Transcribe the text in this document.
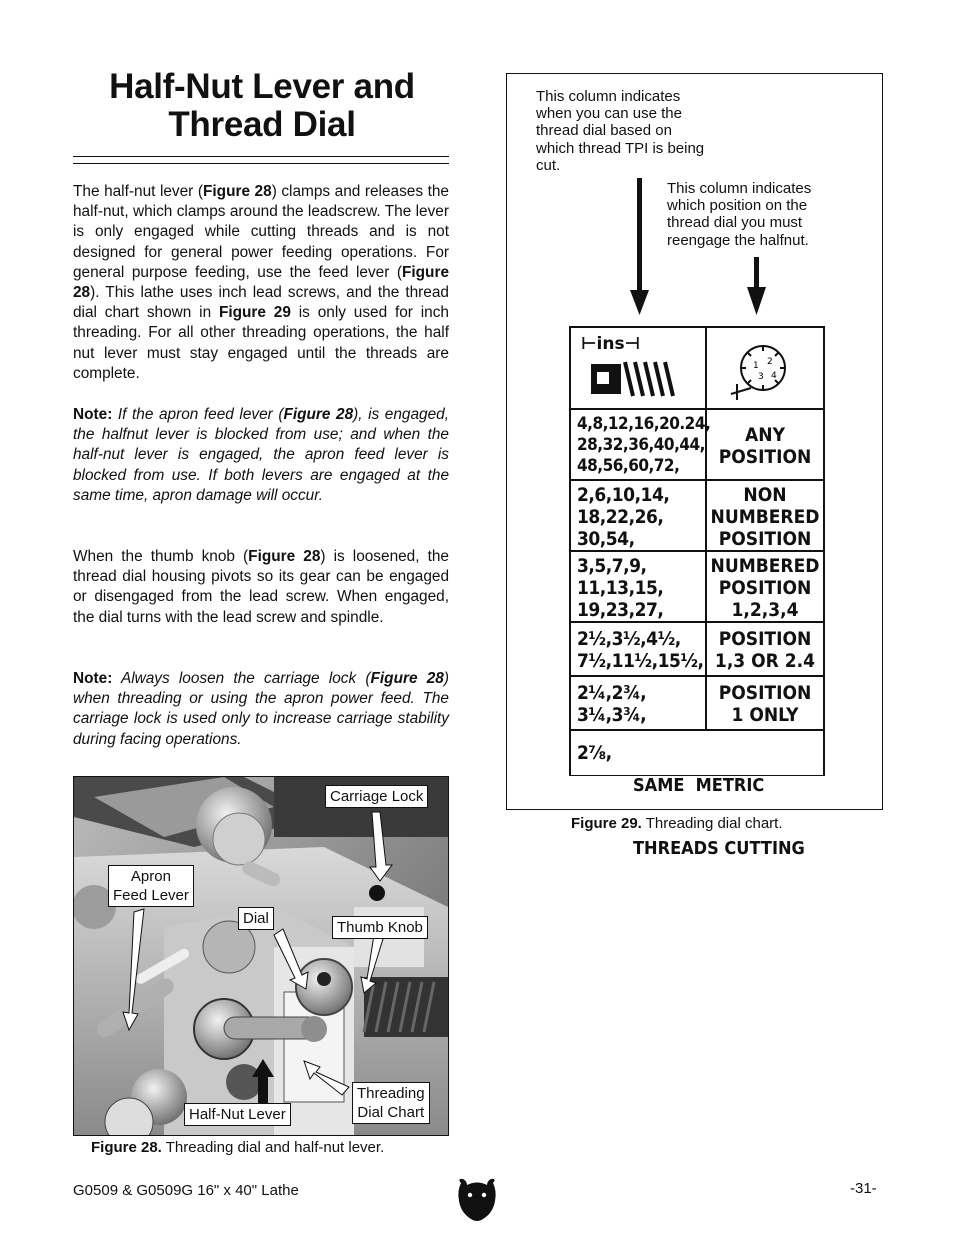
Half-Nut Lever and
Thread Dial

The half-nut lever (Figure 28) clamps and releases the half-nut, which clamps around the leadscrew. The lever is only engaged while cutting threads and is not designed for general power feeding operations. For general purpose feeding, use the feed lever (Figure 28). This lathe uses inch lead screws, and the thread dial chart shown in Figure 29 is only used for inch threading. For all other threading operations, the half nut lever must stay engaged until the threads are complete.

Note: If the apron feed lever (Figure 28), is engaged, the halfnut lever is blocked from use; and when the half-nut lever is engaged, the apron feed lever is blocked from use. If both levers are engaged at the same time, apron damage will occur.

When the thumb knob (Figure 28) is loosened, the thread dial housing pivots so its gear can be engaged or disengaged from the lead screw. When engaged, the dial turns with the lead screw and spindle.

Note: Always loosen the carriage lock (Figure 28) when threading or using the apron power feed. The carriage lock is used only to increase carriage stability during facing operations.

Carriage Lock
Apron
Feed Lever
Dial
Thumb Knob
Threading
Dial Chart
Half-Nut Lever
Figure 28. Threading dial and half-nut lever.
This column indicates
when you can use the
thread dial based on
which thread TPI is being
cut.
This column indicates
which position on the
thread dial you must
reengage the halfnut.
⊢ins⊣
1 2
3 4
4,8,12,16,20.24,
28,32,36,40,44,
48,56,60,72,
ANY
POSITION
2,6,10,14,
18,22,26,
30,54,
NON
NUMBERED
POSITION
3,5,7,9,
11,13,15,
19,23,27,
NUMBERED
POSITION
1,2,3,4
2½,3½,4½,
7½,11½,15½,
POSITION
1,3 OR 2.4
2¼,2¾,
3¼,3¾,
POSITION
1 ONLY
2⅞,

SAME  METRIC

THREADS CUTTING

Figure 29. Threading dial chart.
G0509 & G0509G 16" x 40" Lathe	-31-
